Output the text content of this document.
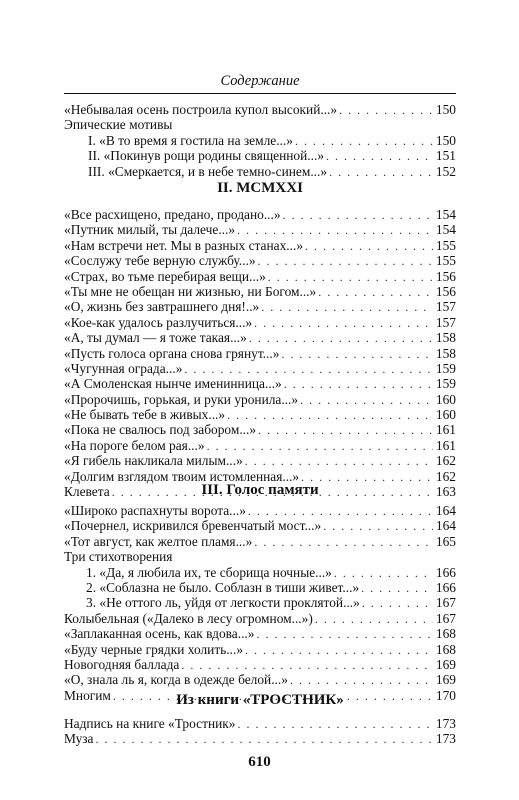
Содержание
«Небывалая осень построила купол высокий...» . . .	150
Эпические мотивы
I. «В то время я гостила на земле...» . . .	150
II. «Покинув рощи родины священной...» . . .	151
III. «Смеркается, и в небе темно-синем...» . . .	152
II. MCMXXI
«Все расхищено, предано, продано...» . . .	154
«Путник милый, ты далече...» . . .	154
«Нам встречи нет. Мы в разных станах...» . . .	155
«Сослужу тебе верную службу...» . . .	155
«Страх, во тьме перебирая вещи...» . . .	156
«Ты мне не обещан ни жизнью, ни Богом...» . . .	156
«О, жизнь без завтрашнего дня!..» . . .	157
«Кое-как удалось разлучиться...» . . .	157
«А, ты думал — я тоже такая...» . . .	158
«Пусть голоса органа снова грянут...» . . .	158
«Чугунная ограда...» . . .	159
«А Смоленская нынче именинница...» . . .	159
«Пророчишь, горькая, и руки уронила...» . . .	160
«Не бывать тебе в живых...» . . .	160
«Пока не свалюсь под забором...» . . .	161
«На пороге белом рая...» . . .	161
«Я гибель накликала милым...» . . .	162
«Долгим взглядом твоим истомленная...» . . .	162
Клевета . . .	163
III. Голос памяти
«Широко распахнуты ворота...» . . .	164
«Почернел, искривился бревенчатый мост...» . . .	164
«Тот август, как желтое пламя...» . . .	165
Три стихотворения
1. «Да, я любила их, те сборища ночные...» . . .	166
2. «Соблазна не было. Соблазн в тиши живет...» . . .	166
3. «Не оттого ль, уйдя от легкости проклятой...» . . .	167
Колыбельная («Далеко в лесу огромном...») . . .	167
«Заплаканная осень, как вдова...» . . .	168
«Буду черные грядки холить...» . . .	168
Новогодняя баллада . . .	169
«О, знала ль я, когда в одежде белой...» . . .	169
Многим . . .	170
Из книги «ТРОСТНИК»
Надпись на книге «Тростник» . . .	173
Муза . . .	173
610
